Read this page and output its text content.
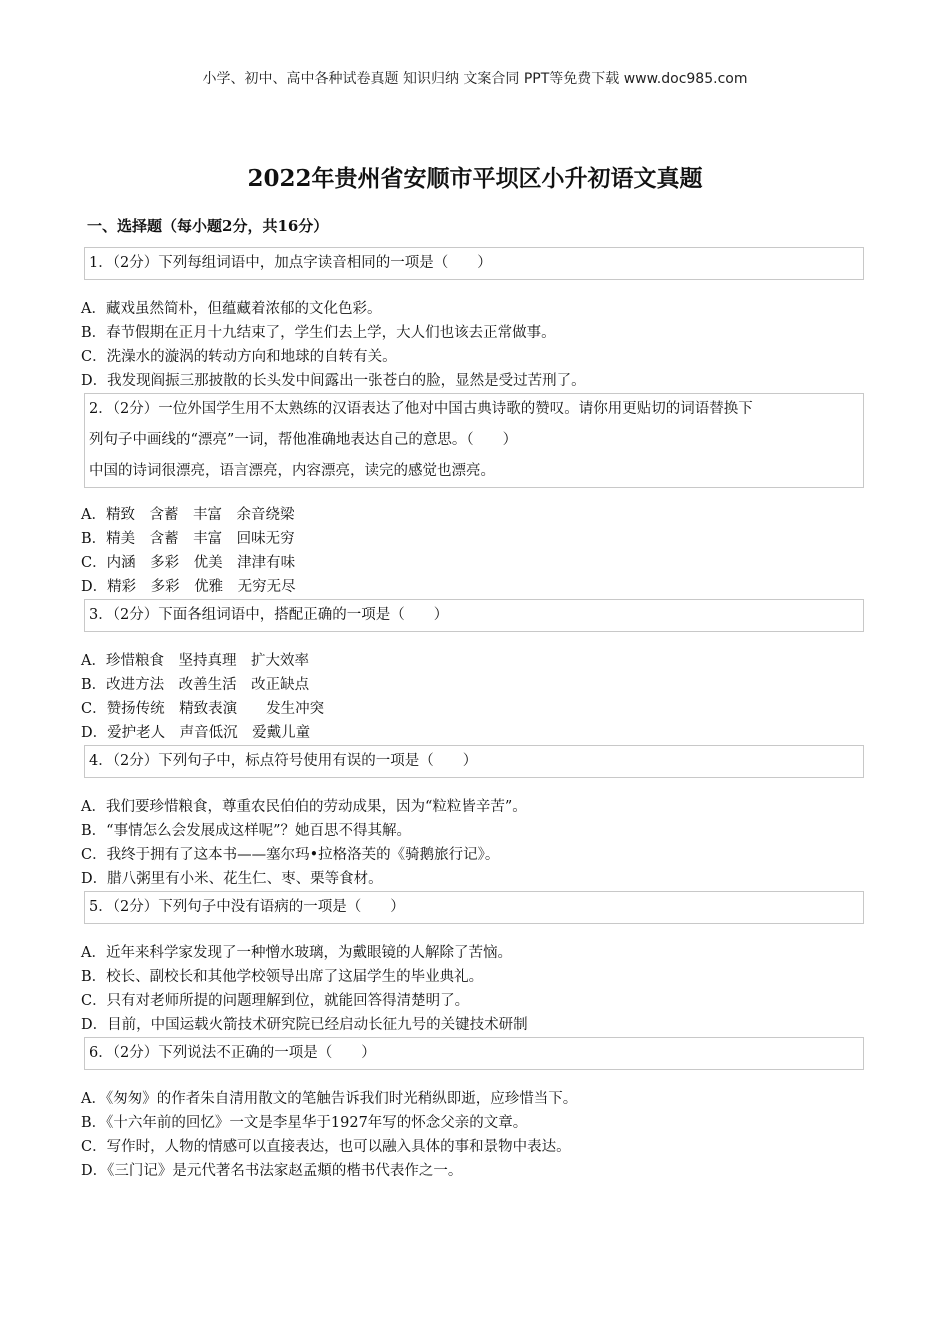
小学、初中、高中各种试卷真题 知识归纳 文案合同 PPT等免费下载 www.doc985.com
2022年贵州省安顺市平坝区小升初语文真题
一、选择题（每小题2分，共16分）
1．（2分）下列每组词语中，加点字读音相同的一项是（　　）
A．藏戏虽然简朴，但蕴藏着浓郁的文化色彩。
B．春节假期在正月十九结束了，学生们去上学，大人们也该去正常做事。
C．洗澡水的漩涡的转动方向和地球的自转有关。
D．我发现阎振三那披散的长头发中间露出一张苍白的脸，显然是受过苦刑了。
2．（2分）一位外国学生用不太熟练的汉语表达了他对中国古典诗歌的赞叹。请你用更贴切的词语替换下
列句子中画线的“漂亮”一词，帮他准确地表达自己的意思。（　　）
中国的诗词很漂亮，语言漂亮，内容漂亮，读完的感觉也漂亮。
A．精致　含蓄　丰富　余音绕梁
B．精美　含蓄　丰富　回味无穷
C．内涵　多彩　优美　津津有味
D．精彩　多彩　优雅　无穷无尽
3．（2分）下面各组词语中，搭配正确的一项是（　　）
A．珍惜粮食　坚持真理　扩大效率
B．改进方法　改善生活　改正缺点
C．赞扬传统　精致表演　　发生冲突
D．爱护老人　声音低沉　爱戴儿童
4．（2分）下列句子中，标点符号使用有误的一项是（　　）
A．我们要珍惜粮食，尊重农民伯伯的劳动成果，因为“粒粒皆辛苦”。
B．“事情怎么会发展成这样呢”？她百思不得其解。
C．我终于拥有了这本书——塞尔玛•拉格洛芙的《骑鹅旅行记》。
D．腊八粥里有小米、花生仁、枣、栗等食材。
5．（2分）下列句子中没有语病的一项是（　　）
A．近年来科学家发现了一种憎水玻璃，为戴眼镜的人解除了苦恼。
B．校长、副校长和其他学校领导出席了这届学生的毕业典礼。
C．只有对老师所提的问题理解到位，就能回答得清楚明了。
D．目前，中国运载火箭技术研究院已经启动长征九号的关键技术研制
6．（2分）下列说法不正确的一项是（　　）
A．《匆匆》的作者朱自清用散文的笔触告诉我们时光稍纵即逝，应珍惜当下。
B．《十六年前的回忆》一文是李星华于1927年写的怀念父亲的文章。
C．写作时，人物的情感可以直接表达，也可以融入具体的事和景物中表达。
D．《三门记》是元代著名书法家赵孟頫的楷书代表作之一。
